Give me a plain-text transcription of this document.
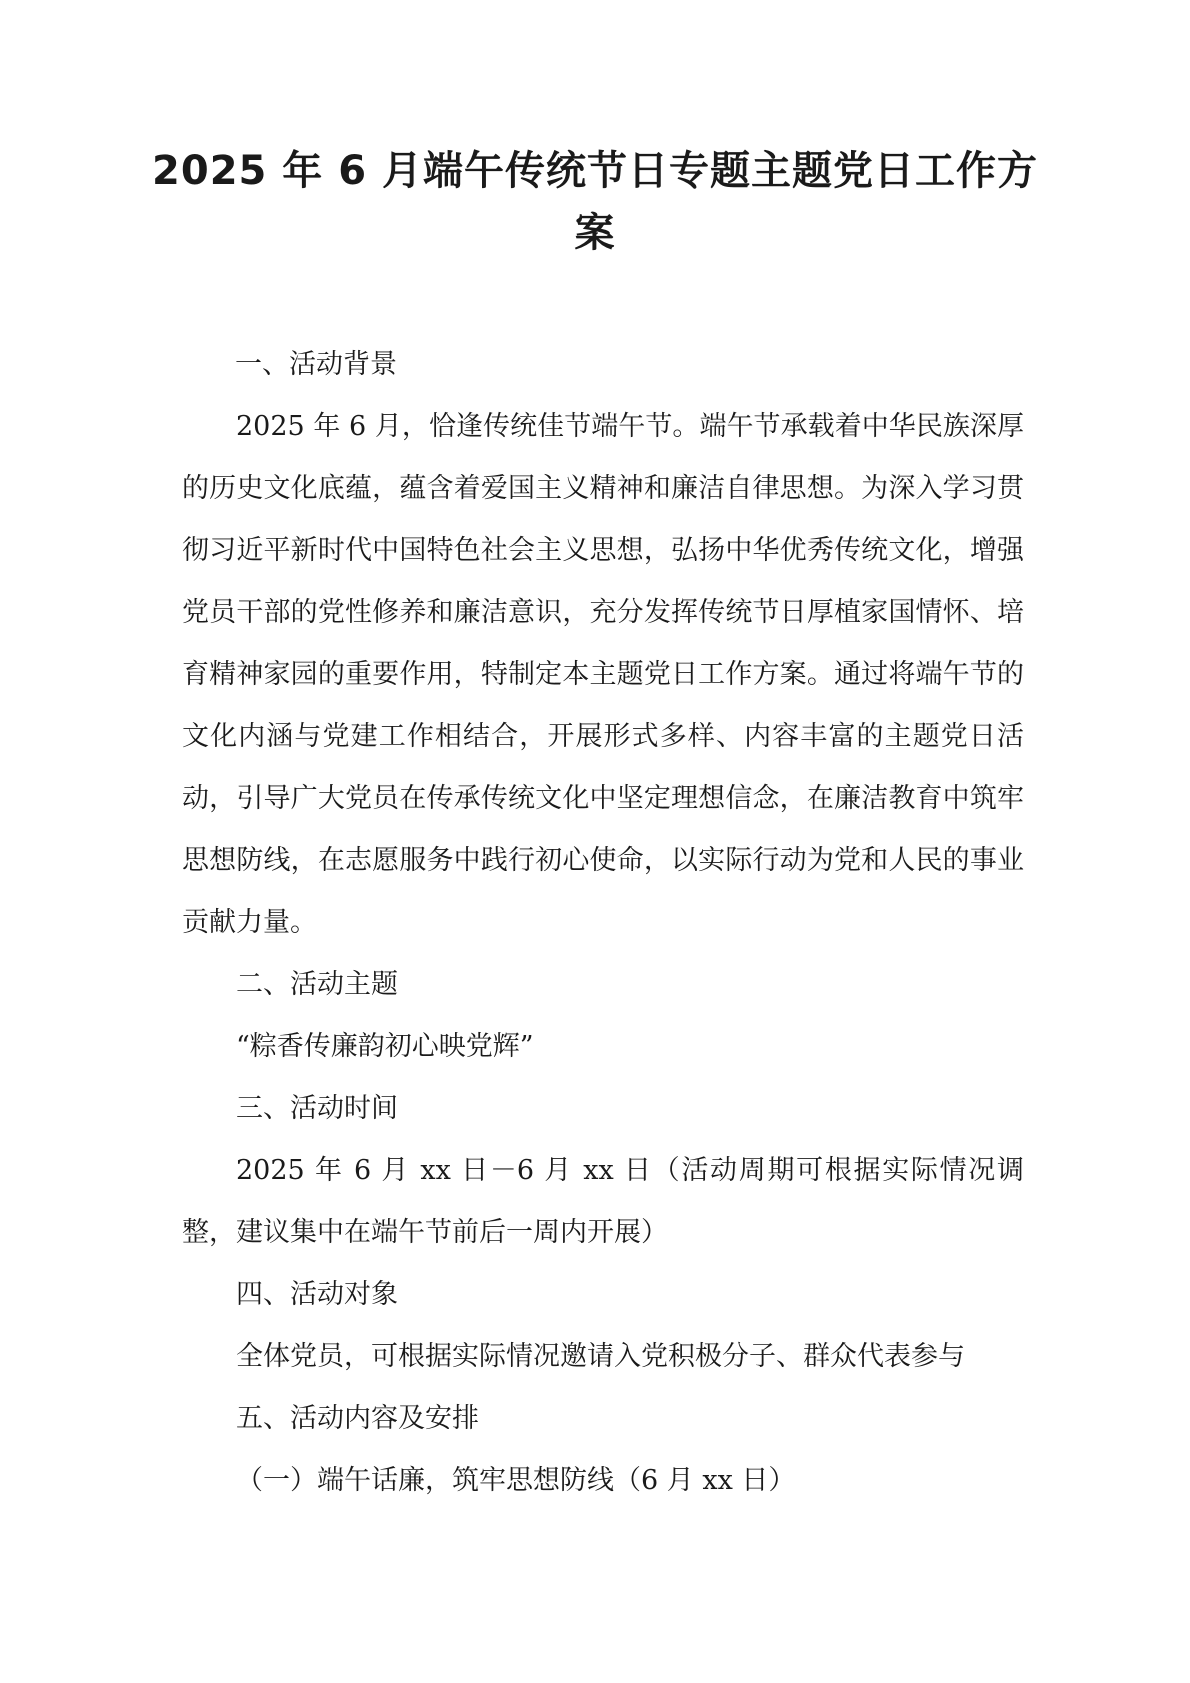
2025 年 6 月端午传统节日专题主题党日工作方案

一、活动背景

2025 年 6 月，恰逢传统佳节端午节。端午节承载着中华民族深厚的历史文化底蕴，蕴含着爱国主义精神和廉洁自律思想。为深入学习贯彻习近平新时代中国特色社会主义思想，弘扬中华优秀传统文化，增强党员干部的党性修养和廉洁意识，充分发挥传统节日厚植家国情怀、培育精神家园的重要作用，特制定本主题党日工作方案。通过将端午节的文化内涵与党建工作相结合，开展形式多样、内容丰富的主题党日活动，引导广大党员在传承传统文化中坚定理想信念，在廉洁教育中筑牢思想防线，在志愿服务中践行初心使命，以实际行动为党和人民的事业贡献力量。

二、活动主题

“粽香传廉韵初心映党辉”

三、活动时间

2025 年 6 月 xx 日－6 月 xx 日（活动周期可根据实际情况调整，建议集中在端午节前后一周内开展）

四、活动对象

全体党员，可根据实际情况邀请入党积极分子、群众代表参与

五、活动内容及安排

（一）端午话廉，筑牢思想防线（6 月 xx 日）
